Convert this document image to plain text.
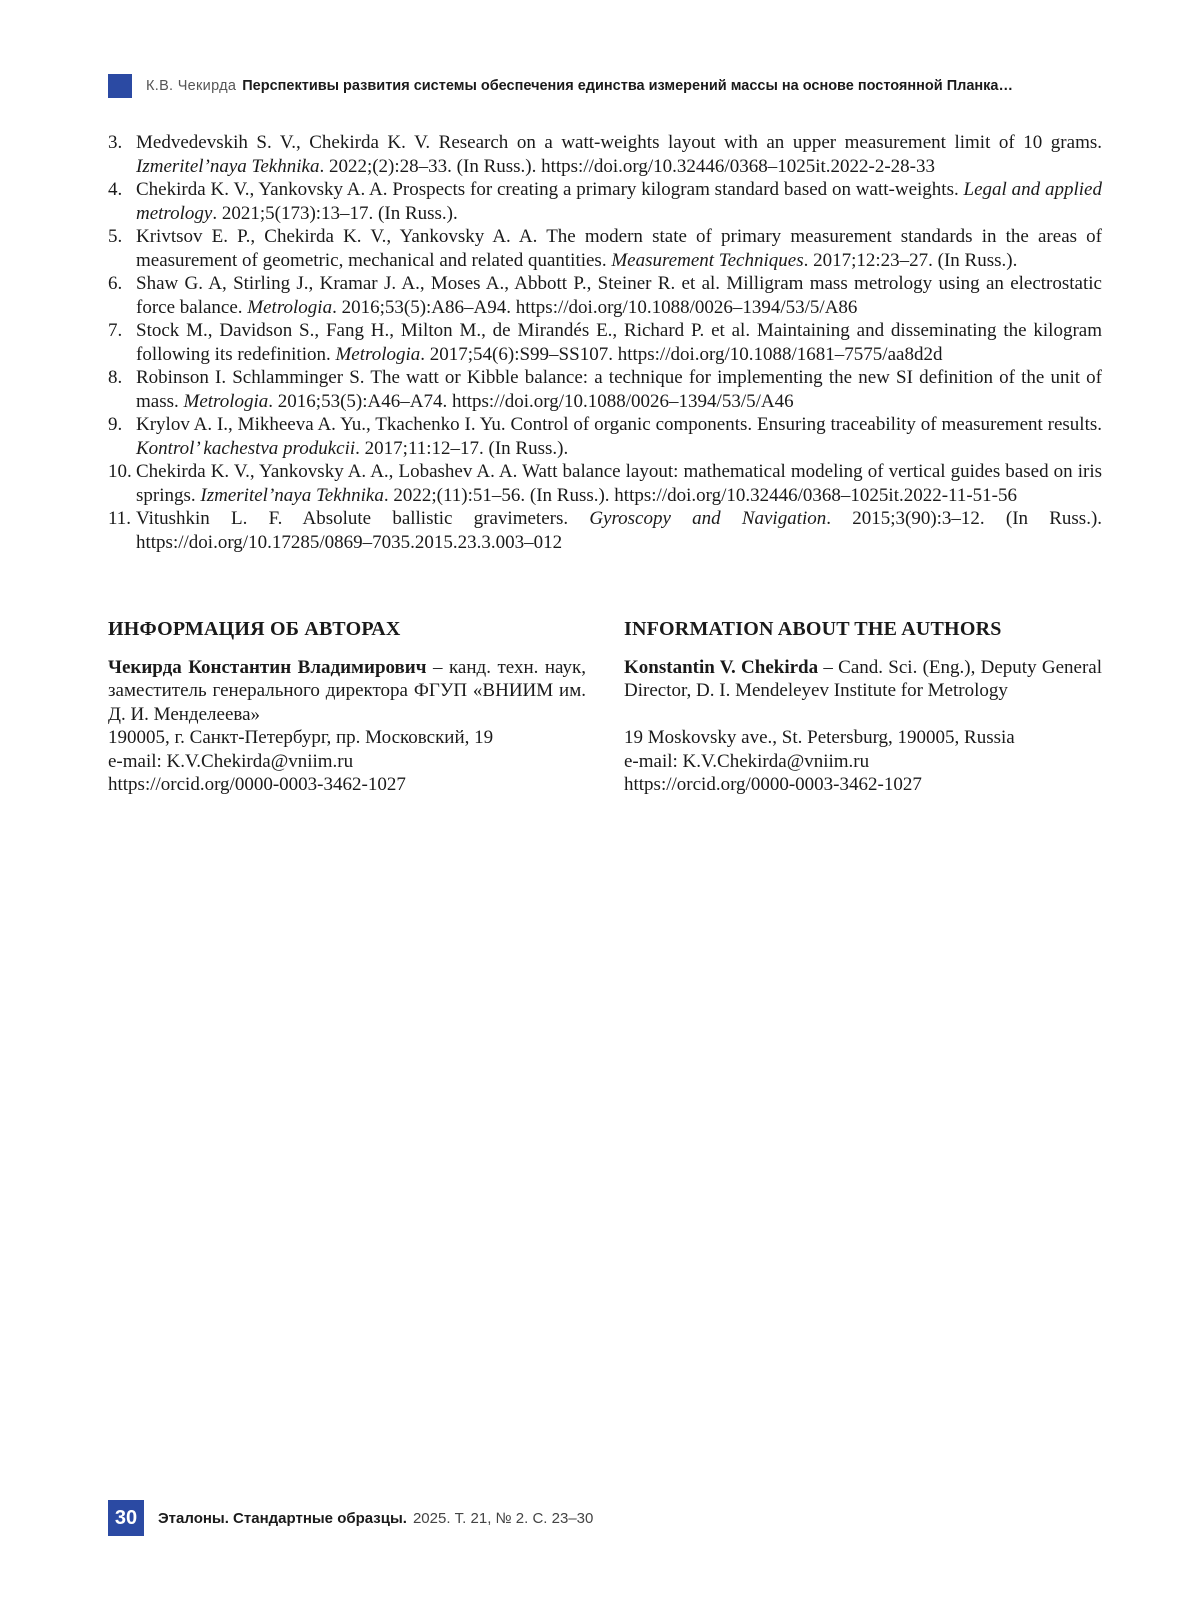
К.В. Чекирда Перспективы развития системы обеспечения единства измерений массы на основе постоянной Планка…
3. Medvedevskih S. V., Chekirda K. V. Research on a watt-weights layout with an upper measurement limit of 10 grams. Izmeritel’naya Tekhnika. 2022;(2):28–33. (In Russ.). https://doi.org/10.32446/0368–1025it.2022-2-28-33
4. Chekirda K. V., Yankovsky A. A. Prospects for creating a primary kilogram standard based on watt-weights. Legal and applied metrology. 2021;5(173):13–17. (In Russ.).
5. Krivtsov E. P., Chekirda K. V., Yankovsky A. A. The modern state of primary measurement standards in the areas of measurement of geometric, mechanical and related quantities. Measurement Techniques. 2017;12:23–27. (In Russ.).
6. Shaw G. A, Stirling J., Kramar J. A., Moses A., Abbott P., Steiner R. et al. Milligram mass metrology using an electrostatic force balance. Metrologia. 2016;53(5):A86–A94. https://doi.org/10.1088/0026–1394/53/5/A86
7. Stock M., Davidson S., Fang H., Milton M., de Mirandés E., Richard P. et al. Maintaining and disseminating the kilogram following its redefinition. Metrologia. 2017;54(6):S99–SS107. https://doi.org/10.1088/1681–7575/aa8d2d
8. Robinson I. Schlamminger S. The watt or Kibble balance: a technique for implementing the new SI definition of the unit of mass. Metrologia. 2016;53(5):A46–A74. https://doi.org/10.1088/0026–1394/53/5/A46
9. Krylov A. I., Mikheeva A. Yu., Tkachenko I. Yu. Control of organic components. Ensuring traceability of measurement results. Kontrol’ kachestva produkcii. 2017;11:12–17. (In Russ.).
10. Chekirda K. V., Yankovsky A. A., Lobashev A. A. Watt balance layout: mathematical modeling of vertical guides based on iris springs. Izmeritel’naya Tekhnika. 2022;(11):51–56. (In Russ.). https://doi.org/10.32446/0368–1025it.2022-11-51-56
11. Vitushkin L. F. Absolute ballistic gravimeters. Gyroscopy and Navigation. 2015;3(90):3–12. (In Russ.). https://doi.org/10.17285/0869–7035.2015.23.3.003–012

ИНФОРМАЦИЯ ОБ АВТОРАХ

Чекирда Константин Владимирович – канд. техн. наук, заместитель генерального директора ФГУП «ВНИИМ им. Д. И. Менделеева»

190005, г. Санкт-Петербург, пр. Московский, 19

e-mail: K.V.Chekirda@vniim.ru

https://orcid.org/0000-0003-3462-1027

INFORMATION ABOUT THE AUTHORS

Konstantin V. Chekirda – Cand. Sci. (Eng.), Deputy General Director, D. I. Mendeleyev Institute for Metrology

19 Moskovsky ave., St. Petersburg, 190005, Russia

e-mail: K.V.Chekirda@vniim.ru

https://orcid.org/0000-0003-3462-1027

30	Эталоны. Стандартные образцы. 2025. Т. 21, № 2. С. 23–30
